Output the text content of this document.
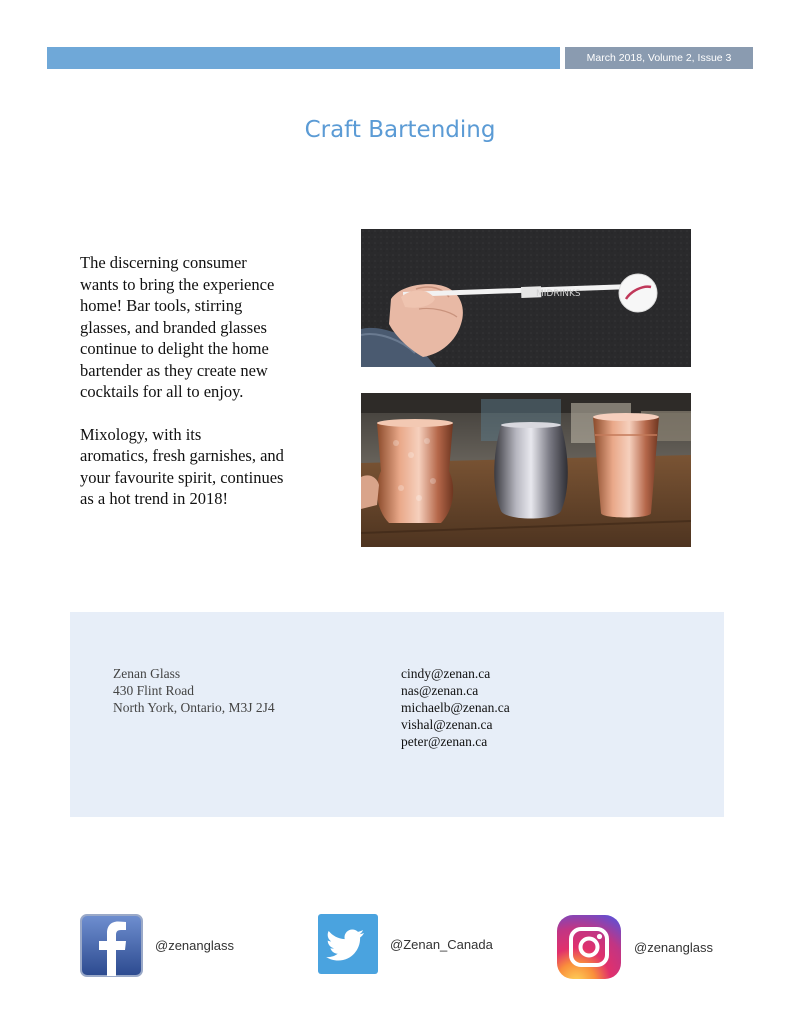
March 2018, Volume 2, Issue 3
Craft Bartending

The discerning consumer
wants to bring the experience
home! Bar tools, stirring
glasses, and branded glasses
continue to delight the home
bartender as they create new
cocktails for all to enjoy.

Mixology, with its
aromatics, fresh garnishes, and
your favourite spirit, continues
as a hot trend in 2018!

MIDRINKS
Zenan Glass
430 Flint Road
North York, Ontario, M3J 2J4
cindy@zenan.ca
nas@zenan.ca
michaelb@zenan.ca
vishal@zenan.ca
peter@zenan.ca
@zenanglass	@Zenan_Canada	@zenanglass
